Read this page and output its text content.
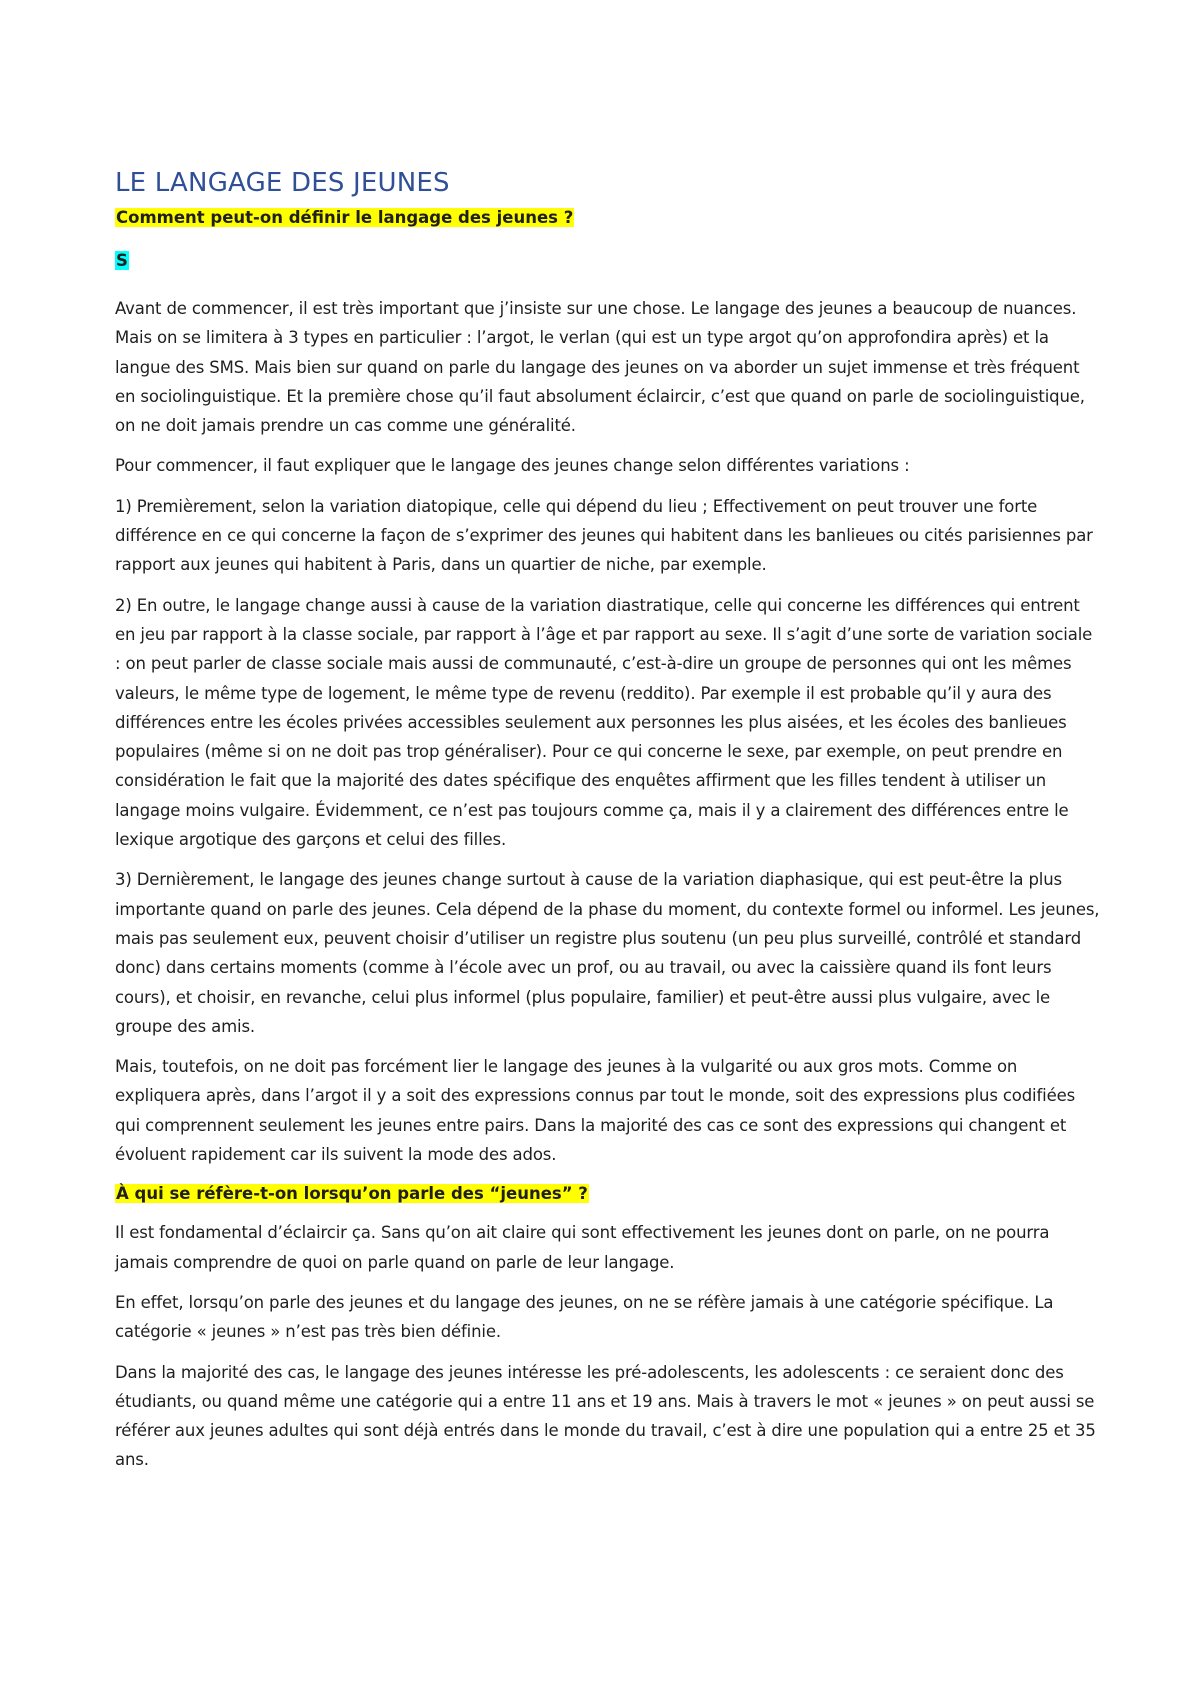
LE LANGAGE DES JEUNES
Comment peut-on définir le langage des jeunes ?
S

Avant de commencer, il est très important que j’insiste sur une chose. Le langage des jeunes a beaucoup de nuances. Mais on se limitera à 3 types en particulier : l’argot, le verlan (qui est un type argot qu’on approfondira après) et la langue des SMS. Mais bien sur quand on parle du langage des jeunes on va aborder un sujet immense et très fréquent en sociolinguistique. Et la première chose qu’il faut absolument éclaircir, c’est que quand on parle de sociolinguistique, on ne doit jamais prendre un cas comme une généralité.

Pour commencer, il faut expliquer que le langage des jeunes change selon différentes variations :

1) Premièrement, selon la variation diatopique, celle qui dépend du lieu ; Effectivement on peut trouver une forte différence en ce qui concerne la façon de s’exprimer des jeunes qui habitent dans les banlieues ou cités parisiennes par rapport aux jeunes qui habitent à Paris, dans un quartier de niche, par exemple.

2) En outre, le langage change aussi à cause de la variation diastratique, celle qui concerne les différences qui entrent en jeu par rapport à la classe sociale, par rapport à l’âge et par rapport au sexe. Il s’agit d’une sorte de variation sociale : on peut parler de classe sociale mais aussi de communauté, c’est-à-dire un groupe de personnes qui ont les mêmes valeurs, le même type de logement, le même type de revenu (reddito). Par exemple il est probable qu’il y aura des différences entre les écoles privées accessibles seulement aux personnes les plus aisées, et les écoles des banlieues populaires (même si on ne doit pas trop généraliser). Pour ce qui concerne le sexe, par exemple, on peut prendre en considération le fait que la majorité des dates spécifique des enquêtes affirment que les filles tendent à utiliser un langage moins vulgaire. Évidemment, ce n’est pas toujours comme ça, mais il y a clairement des différences entre le lexique argotique des garçons et celui des filles.

3) Dernièrement, le langage des jeunes change surtout à cause de la variation diaphasique, qui est peut-être la plus importante quand on parle des jeunes. Cela dépend de la phase du moment, du contexte formel ou informel. Les jeunes, mais pas seulement eux, peuvent choisir d’utiliser un registre plus soutenu (un peu plus surveillé, contrôlé et standard donc) dans certains moments (comme à l’école avec un prof, ou au travail, ou avec la caissière quand ils font leurs cours), et choisir, en revanche, celui plus informel (plus populaire, familier) et peut-être aussi plus vulgaire, avec le groupe des amis.

Mais, toutefois, on ne doit pas forcément lier le langage des jeunes à la vulgarité ou aux gros mots. Comme on expliquera après, dans l’argot il y a soit des expressions connus par tout le monde, soit des expressions plus codifiées qui comprennent seulement les jeunes entre pairs. Dans la majorité des cas ce sont des expressions qui changent et évoluent rapidement car ils suivent la mode des ados.

À qui se réfère-t-on lorsqu’on parle des “jeunes” ?

Il est fondamental d’éclaircir ça. Sans qu’on ait claire qui sont effectivement les jeunes dont on parle, on ne pourra jamais comprendre de quoi on parle quand on parle de leur langage.

En effet, lorsqu’on parle des jeunes et du langage des jeunes, on ne se réfère jamais à une catégorie spécifique. La catégorie « jeunes » n’est pas très bien définie.

Dans la majorité des cas, le langage des jeunes intéresse les pré-adolescents, les adolescents : ce seraient donc des étudiants, ou quand même une catégorie qui a entre 11 ans et 19 ans. Mais à travers le mot « jeunes » on peut aussi se référer aux jeunes adultes qui sont déjà entrés dans le monde du travail, c’est à dire une population qui a entre 25 et 35 ans.
